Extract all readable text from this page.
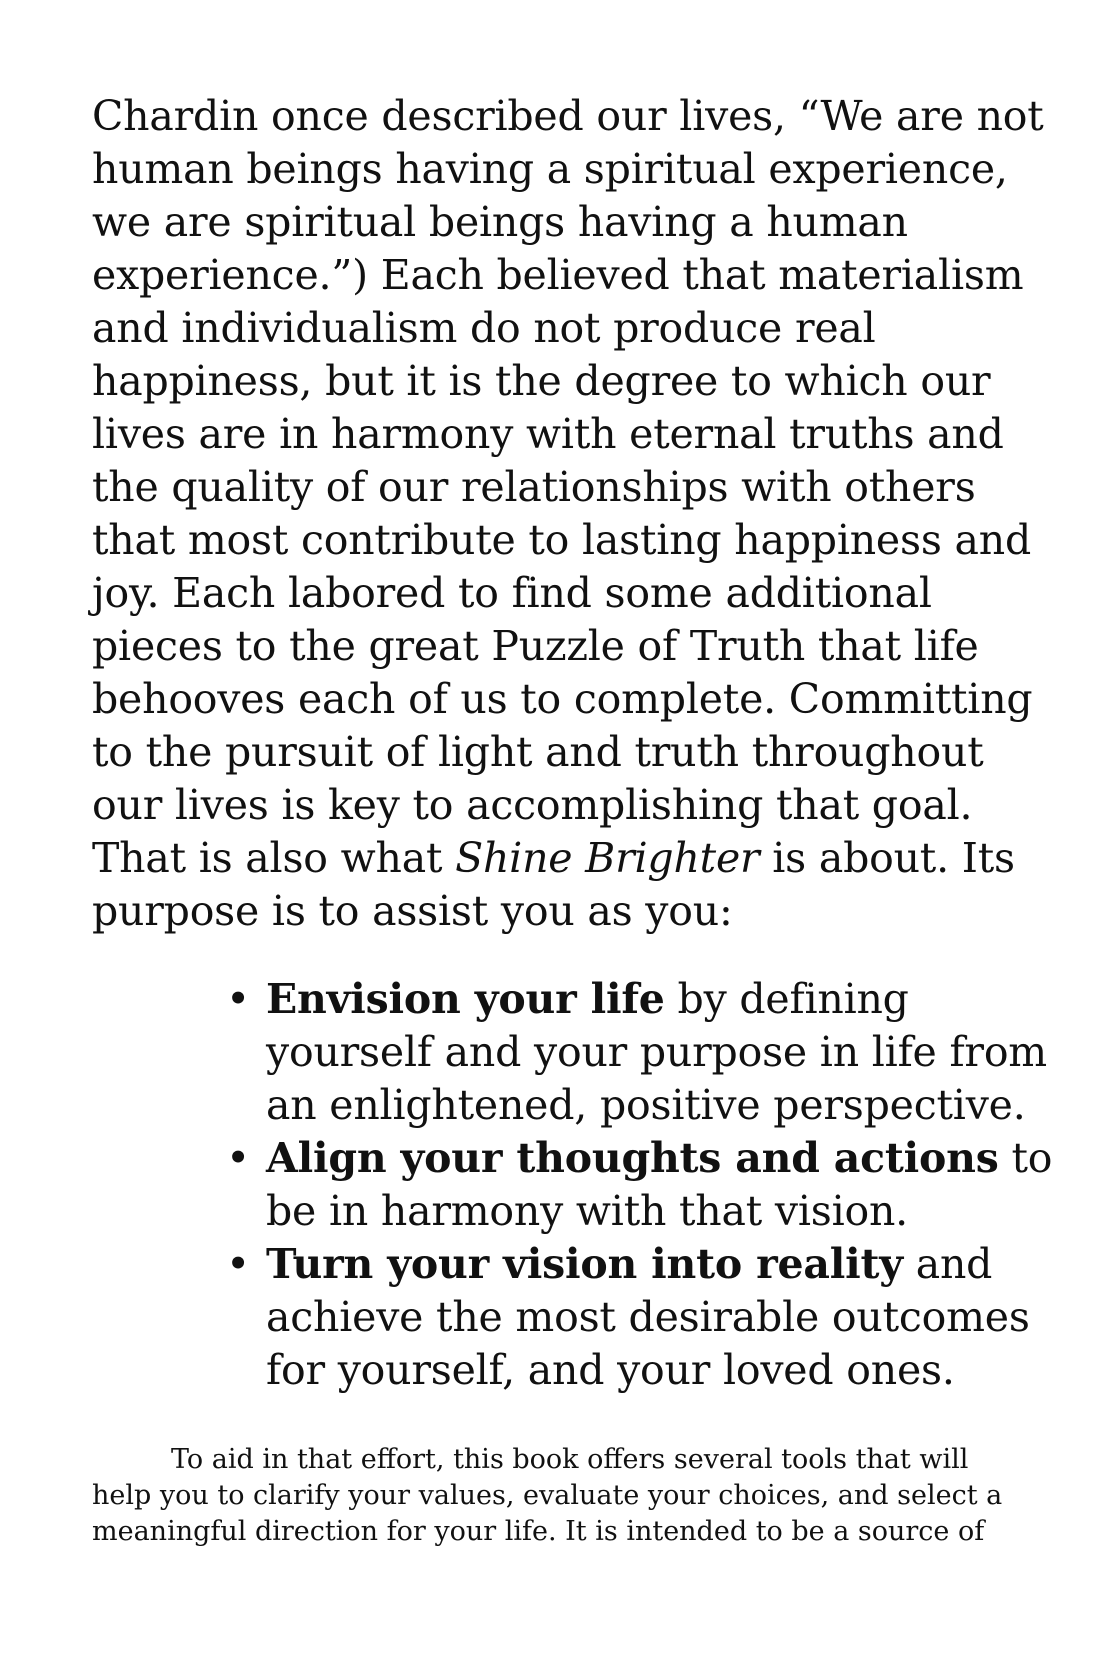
Chardin once described our lives, “We are not
human beings having a spiritual experience,
we are spiritual beings having a human
experience.”) Each believed that materialism
and individualism do not produce real
happiness, but it is the degree to which our
lives are in harmony with eternal truths and
the quality of our relationships with others
that most contribute to lasting happiness and
joy. Each labored to find some additional
pieces to the great Puzzle of Truth that life
behooves each of us to complete. Committing
to the pursuit of light and truth throughout
our lives is key to accomplishing that goal.
That is also what Shine Brighter is about. Its
purpose is to assist you as you:

• Envision your life by defining
yourself and your purpose in life from
an enlightened, positive perspective.
• Align your thoughts and actions to
be in harmony with that vision.
• Turn your vision into reality and
achieve the most desirable outcomes
for yourself, and your loved ones.

To aid in that effort, this book offers several tools that will
help you to clarify your values, evaluate your choices, and select a
meaningful direction for your life. It is intended to be a source of
